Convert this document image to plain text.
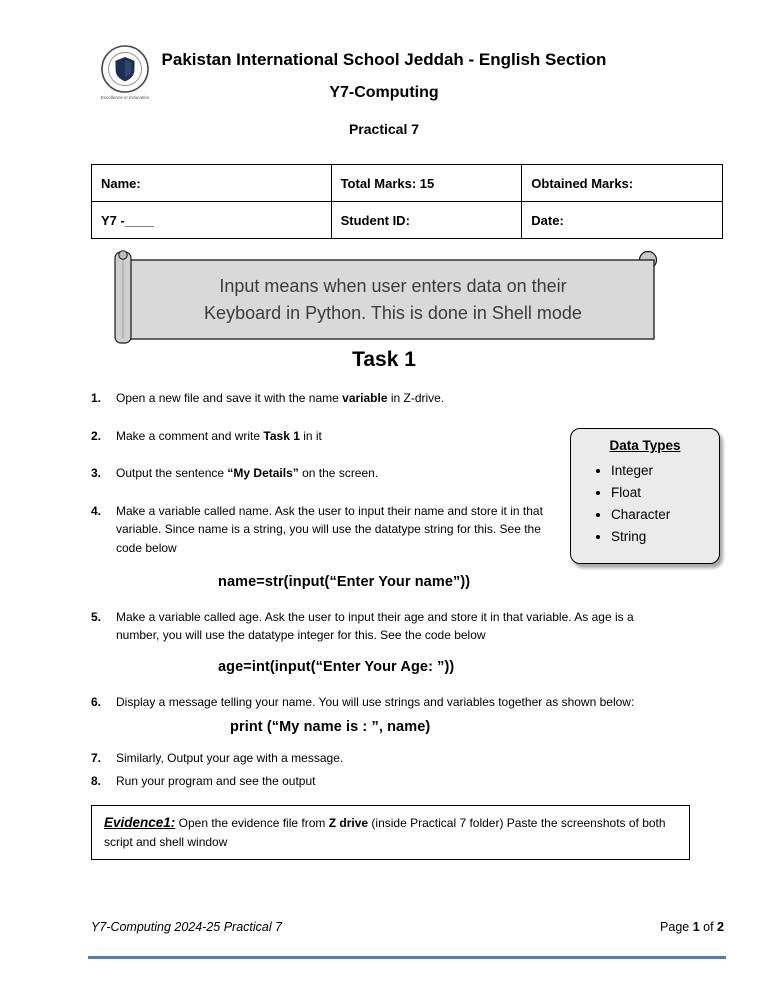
Excellence in Education
Pakistan International School Jeddah - English Section
Y7-Computing
Practical 7
Name:	Total Marks: 15	Obtained Marks:
Y7 -____	Student ID:	Date:
Input means when user enters data on their
Keyboard in Python. This is done in Shell mode
Task 1
Data Types
• Integer
• Float
• Character
• String
1.	Open a new file and save it with the name variable in Z-drive.
2.	Make a comment and write Task 1 in it
3.	Output the sentence “My Details” on the screen.
4.	Make a variable called name. Ask the user to input their name and store it in that variable. Since name is a string, you will use the datatype string for this. See the code below
name=str(input(“Enter Your name”))
5.	Make a variable called age. Ask the user to input their age and store it in that variable. As age is a number, you will use the datatype integer for this. See the code below
age=int(input(“Enter Your Age: ”))
6.	Display a message telling your name. You will use strings and variables together as shown below:
print (“My name is : ”, name)
7.	Similarly, Output your age with a message.
8.	Run your program and see the output
Evidence1: Open the evidence file from Z drive (inside Practical 7 folder) Paste the screenshots of both script and shell window
Y7-Computing 2024-25 Practical 7	Page 1 of 2
